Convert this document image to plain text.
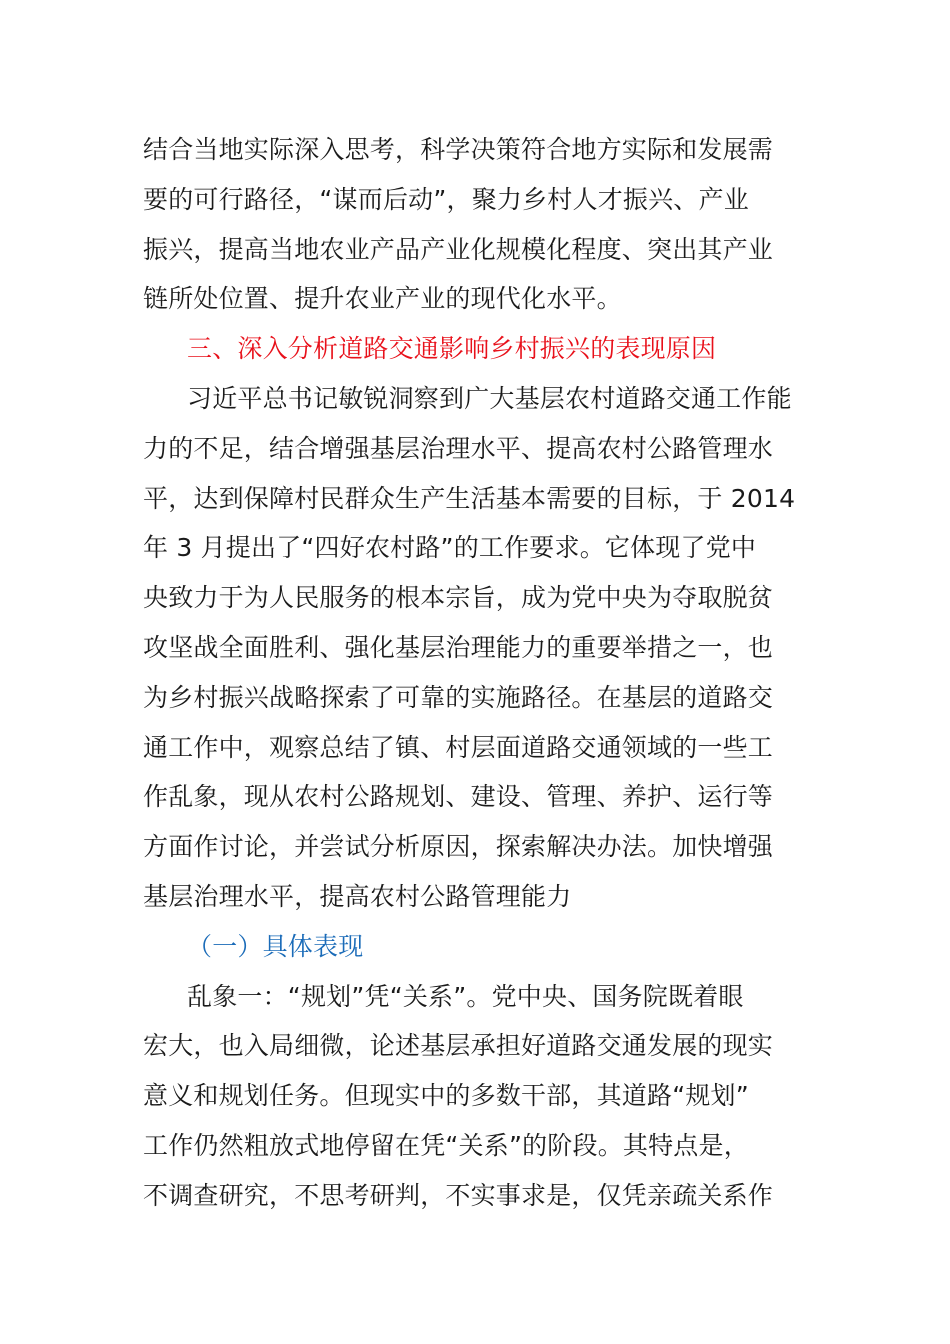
结合当地实际深入思考，科学决策符合地方实际和发展需
要的可行路径，“谋而后动”，聚力乡村人才振兴、产业
振兴，提高当地农业产品产业化规模化程度、突出其产业
链所处位置、提升农业产业的现代化水平。
三、深入分析道路交通影响乡村振兴的表现原因
习近平总书记敏锐洞察到广大基层农村道路交通工作能
力的不足，结合增强基层治理水平、提高农村公路管理水
平，达到保障村民群众生产生活基本需要的目标，于 2014
年 3 月提出了“四好农村路”的工作要求。它体现了党中
央致力于为人民服务的根本宗旨，成为党中央为夺取脱贫
攻坚战全面胜利、强化基层治理能力的重要举措之一，也
为乡村振兴战略探索了可靠的实施路径。在基层的道路交
通工作中，观察总结了镇、村层面道路交通领域的一些工
作乱象，现从农村公路规划、建设、管理、养护、运行等
方面作讨论，并尝试分析原因，探索解决办法。加快增强
基层治理水平，提高农村公路管理能力
（一）具体表现
乱象一：“规划”凭“关系”。党中央、国务院既着眼
宏大，也入局细微，论述基层承担好道路交通发展的现实
意义和规划任务。但现实中的多数干部，其道路“规划”
工作仍然粗放式地停留在凭“关系”的阶段。其特点是，
不调查研究，不思考研判，不实事求是，仅凭亲疏关系作
